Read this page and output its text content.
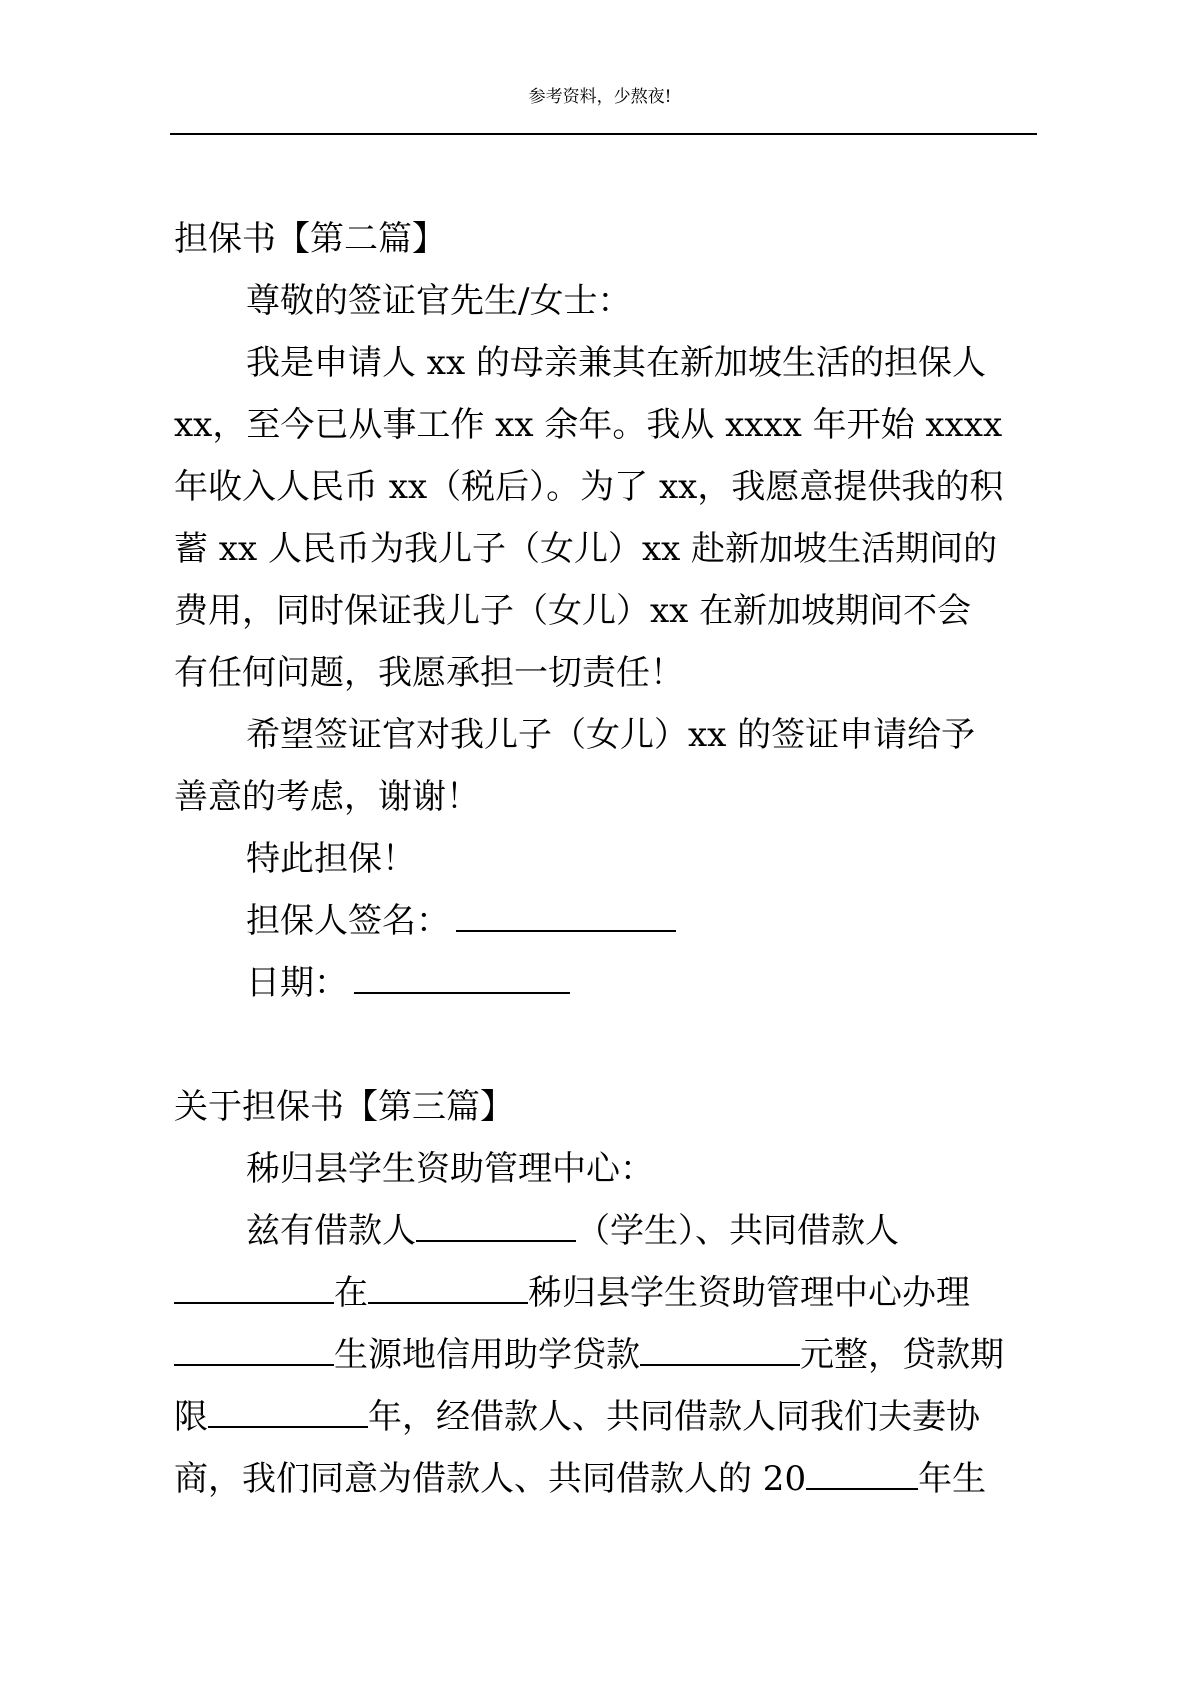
参考资料，少熬夜!
担保书【第二篇】
尊敬的签证官先生/女士：
我是申请人 xx 的母亲兼其在新加坡生活的担保人
xx，至今已从事工作 xx 余年。我从 xxxx 年开始 xxxx
年收入人民币 xx（税后）。为了 xx，我愿意提供我的积
蓄 xx 人民币为我儿子（女儿）xx 赴新加坡生活期间的
费用，同时保证我儿子（女儿）xx 在新加坡期间不会
有任何问题，我愿承担一切责任！
希望签证官对我儿子（女儿）xx 的签证申请给予
善意的考虑，谢谢！
特此担保！
担保人签名：
日期：
关于担保书【第三篇】
秭归县学生资助管理中心：
兹有借款人	（学生）、共同借款人
在	秭归县学生资助管理中心办理
生源地信用助学贷款	元整，贷款期
限	年，经借款人、共同借款人同我们夫妻协
商，我们同意为借款人、共同借款人的 20	年生
